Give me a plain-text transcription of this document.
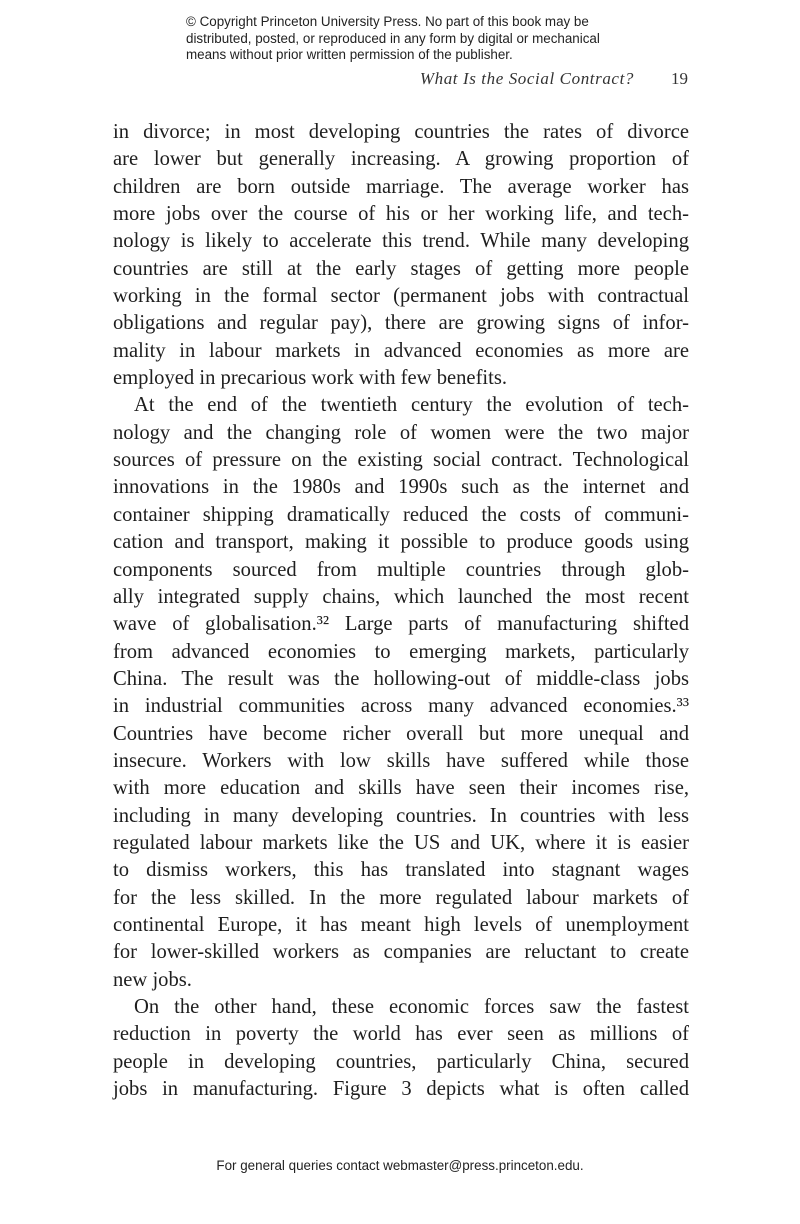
© Copyright Princeton University Press. No part of this book may be
distributed, posted, or reproduced in any form by digital or mechanical
means without prior written permission of the publisher.
What Is the Social Contract? 19
in divorce; in most developing countries the rates of divorce
are lower but generally increasing. A growing proportion of
children are born outside marriage. The average worker has
more jobs over the course of his or her working life, and tech-
nology is likely to accelerate this trend. While many developing
countries are still at the early stages of getting more people
working in the formal sector (permanent jobs with contractual
obligations and regular pay), there are growing signs of infor-
mality in labour markets in advanced economies as more are
employed in precarious work with few benefits.
At the end of the twentieth century the evolution of tech-
nology and the changing role of women were the two major
sources of pressure on the existing social contract. Technological
innovations in the 1980s and 1990s such as the internet and
container shipping dramatically reduced the costs of communi-
cation and transport, making it possible to produce goods using
components sourced from multiple countries through glob-
ally integrated supply chains, which launched the most recent
wave of globalisation.³² Large parts of manufacturing shifted
from advanced economies to emerging markets, particularly
China. The result was the hollowing-out of middle-class jobs
in industrial communities across many advanced economies.³³
Countries have become richer overall but more unequal and
insecure. Workers with low skills have suffered while those
with more education and skills have seen their incomes rise,
including in many developing countries. In countries with less
regulated labour markets like the US and UK, where it is easier
to dismiss workers, this has translated into stagnant wages
for the less skilled. In the more regulated labour markets of
continental Europe, it has meant high levels of unemployment
for lower-skilled workers as companies are reluctant to create
new jobs.
On the other hand, these economic forces saw the fastest
reduction in poverty the world has ever seen as millions of
people in developing countries, particularly China, secured
jobs in manufacturing. Figure 3 depicts what is often called
For general queries contact webmaster@press.princeton.edu.
